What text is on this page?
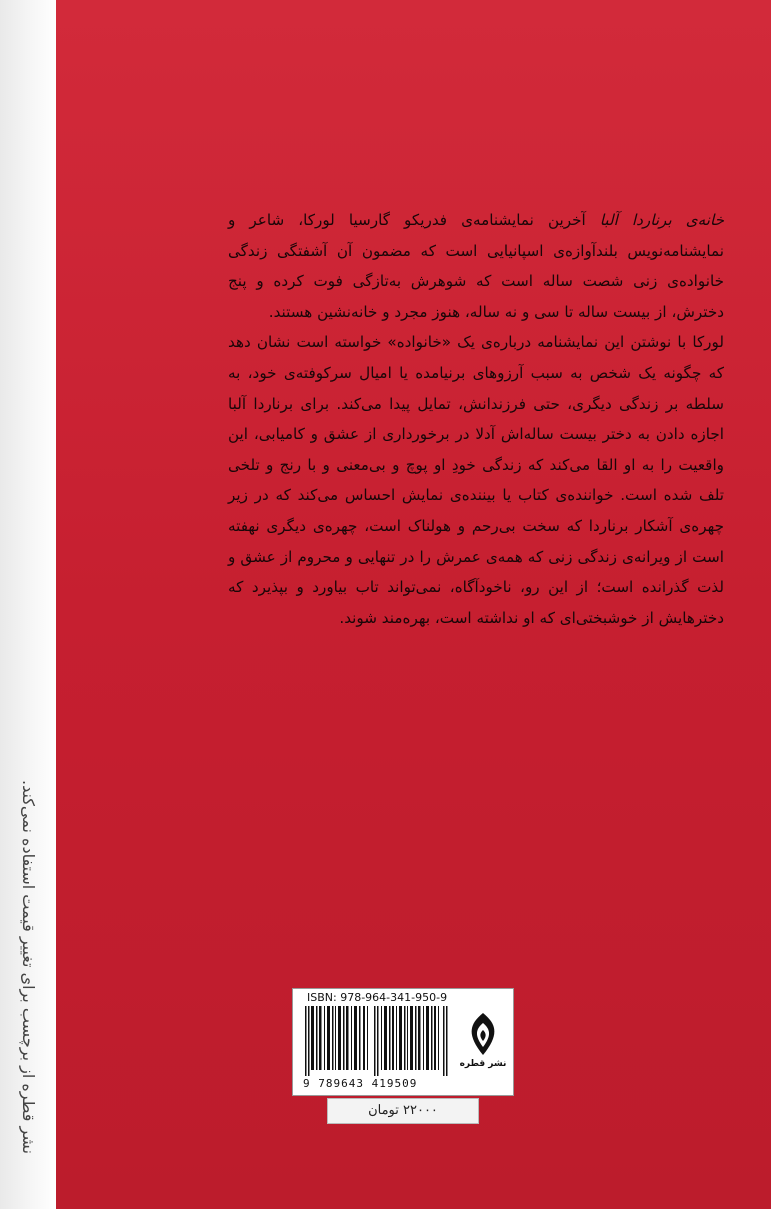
نشر قطره از برچسب برای تغییر قیمت استفاده نمی‌کند.

خانه‌ی برناردا آلبا آخرین نمایشنامه‌ی فدریکو گارسیا لورکا، شاعر و نمایشنامه‌نویس بلندآوازه‌ی اسپانیایی است که مضمون آن آشفتگی زندگی خانواده‌ی زنی شصت ساله است که شوهرش به‌تازگی فوت کرده و پنج دخترش، از بیست ساله تا سی و نه ساله، هنوز مجرد و خانه‌نشین هستند.

لورکا با نوشتن این نمایشنامه درباره‌ی یک «خانواده» خواسته است نشان دهد که چگونه یک شخص به سبب آرزوهای برنیامده یا امیال سرکوفته‌ی خود، به سلطه بر زندگی دیگری، حتی فرزندانش، تمایل پیدا می‌کند. برای برناردا آلبا اجازه دادن به دختر بیست ساله‌اش آدلا در برخورداری از عشق و کامیابی، این واقعیت را به او القا می‌کند که زندگی خودِ او پوچ و بی‌معنی و با رنج و تلخی تلف شده است. خواننده‌ی کتاب یا بیننده‌ی نمایش احساس می‌کند که در زیر چهره‌ی آشکار برناردا که سخت بی‌رحم و هولناک است، چهره‌ی دیگری نهفته است از ویرانه‌ی زندگی زنی که همه‌ی عمرش را در تنهایی و محروم از عشق و لذت گذرانده است؛ از این رو، ناخودآگاه، نمی‌تواند تاب بیاورد و بپذیرد که دخترهایش از خوشبختی‌ای که او نداشته است، بهره‌مند شوند.

ISBN: 978-964-341-950-9
9 789643 419509
نشر قطره
۲۲۰۰۰ تومان
